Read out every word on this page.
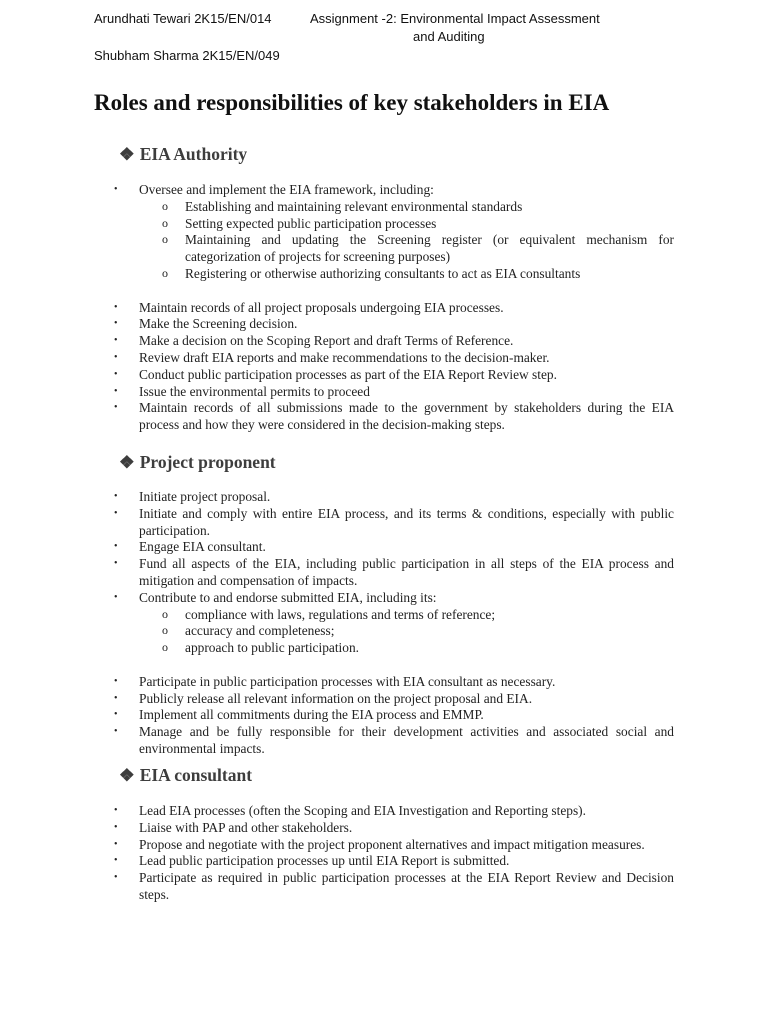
Arundhati Tewari 2K15/EN/014	Assignment -2: Environmental Impact Assessment
and Auditing
Shubham Sharma 2K15/EN/049
Roles and responsibilities of key stakeholders in EIA
❖ EIA Authority
• Oversee and implement the EIA framework, including:
o Establishing and maintaining relevant environmental standards
o Setting expected public participation processes
o Maintaining and updating the Screening register (or equivalent mechanism for categorization of projects for screening purposes)
o Registering or otherwise authorizing consultants to act as EIA consultants
• Maintain records of all project proposals undergoing EIA processes.
• Make the Screening decision.
• Make a decision on the Scoping Report and draft Terms of Reference.
• Review draft EIA reports and make recommendations to the decision-maker.
• Conduct public participation processes as part of the EIA Report Review step.
• Issue the environmental permits to proceed
• Maintain records of all submissions made to the government by stakeholders during the EIA process and how they were considered in the decision-making steps.
❖ Project proponent
• Initiate project proposal.
• Initiate and comply with entire EIA process, and its terms & conditions, especially with public participation.
• Engage EIA consultant.
• Fund all aspects of the EIA, including public participation in all steps of the EIA process and mitigation and compensation of impacts.
• Contribute to and endorse submitted EIA, including its:
o compliance with laws, regulations and terms of reference;
o accuracy and completeness;
o approach to public participation.
• Participate in public participation processes with EIA consultant as necessary.
• Publicly release all relevant information on the project proposal and EIA.
• Implement all commitments during the EIA process and EMMP.
• Manage and be fully responsible for their development activities and associated social and environmental impacts.
❖ EIA consultant
• Lead EIA processes (often the Scoping and EIA Investigation and Reporting steps).
• Liaise with PAP and other stakeholders.
• Propose and negotiate with the project proponent alternatives and impact mitigation measures.
• Lead public participation processes up until EIA Report is submitted.
• Participate as required in public participation processes at the EIA Report Review and Decision steps.
